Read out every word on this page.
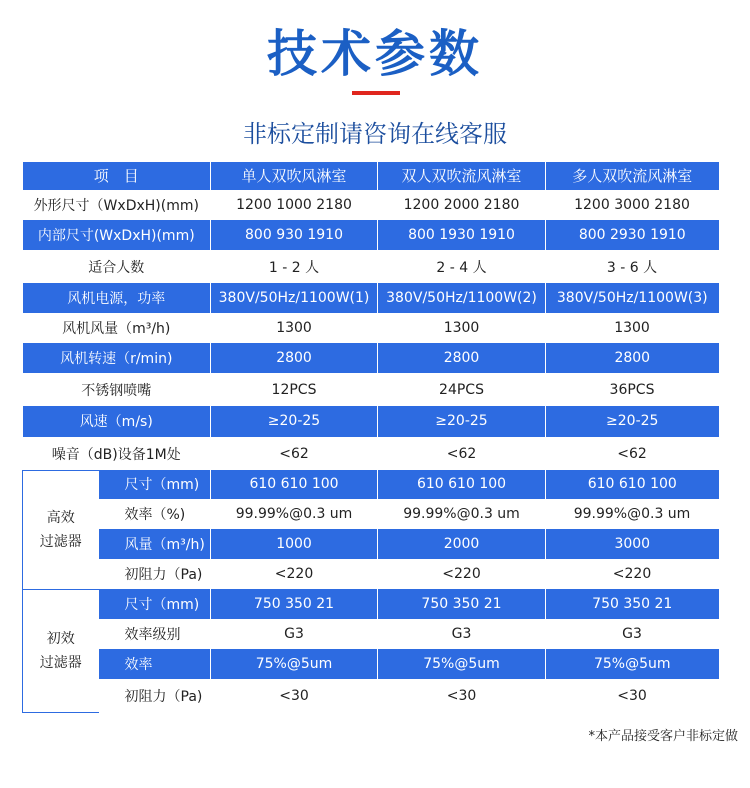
技术参数
非标定制请咨询在线客服
项　目		单人双吹风淋室	双人双吹流风淋室	多人双吹流风淋室
外形尺寸（WxDxH)(mm)		1200 1000 2180	1200 2000 2180	1200 3000 2180
内部尺寸(WxDxH)(mm)		800 930 1910	800 1930 1910	800 2930 1910
适合人数		1 - 2 人	2 - 4 人	3 - 6 人
风机电源，功率		380V/50Hz/1100W(1)	380V/50Hz/1100W(2)	380V/50Hz/1100W(3)
风机风量（m³/h)		1300	1300	1300
风机转速（r/min)		2800	2800	2800
不锈钢喷嘴		12PCS	24PCS	36PCS
风速（m/s)		≥20-25	≥20-25	≥20-25
噪音（dB)设备1M处		<62	<62	<62

高效
过滤器	尺寸（mm)	610 610 100	610 610 100	610 610 100
	效率（%)	99.99%@0.3 um	99.99%@0.3 um	99.99%@0.3 um
	风量（m³/h)	1000	2000	3000
	初阻力（Pa)	<220	<220	<220

初效
过滤器	尺寸（mm)	750 350 21	750 350 21	750 350 21
	效率级别	G3	G3	G3
	效率	75%@5um	75%@5um	75%@5um
	初阻力（Pa)	<30	<30	<30
*本产品接受客户非标定做
